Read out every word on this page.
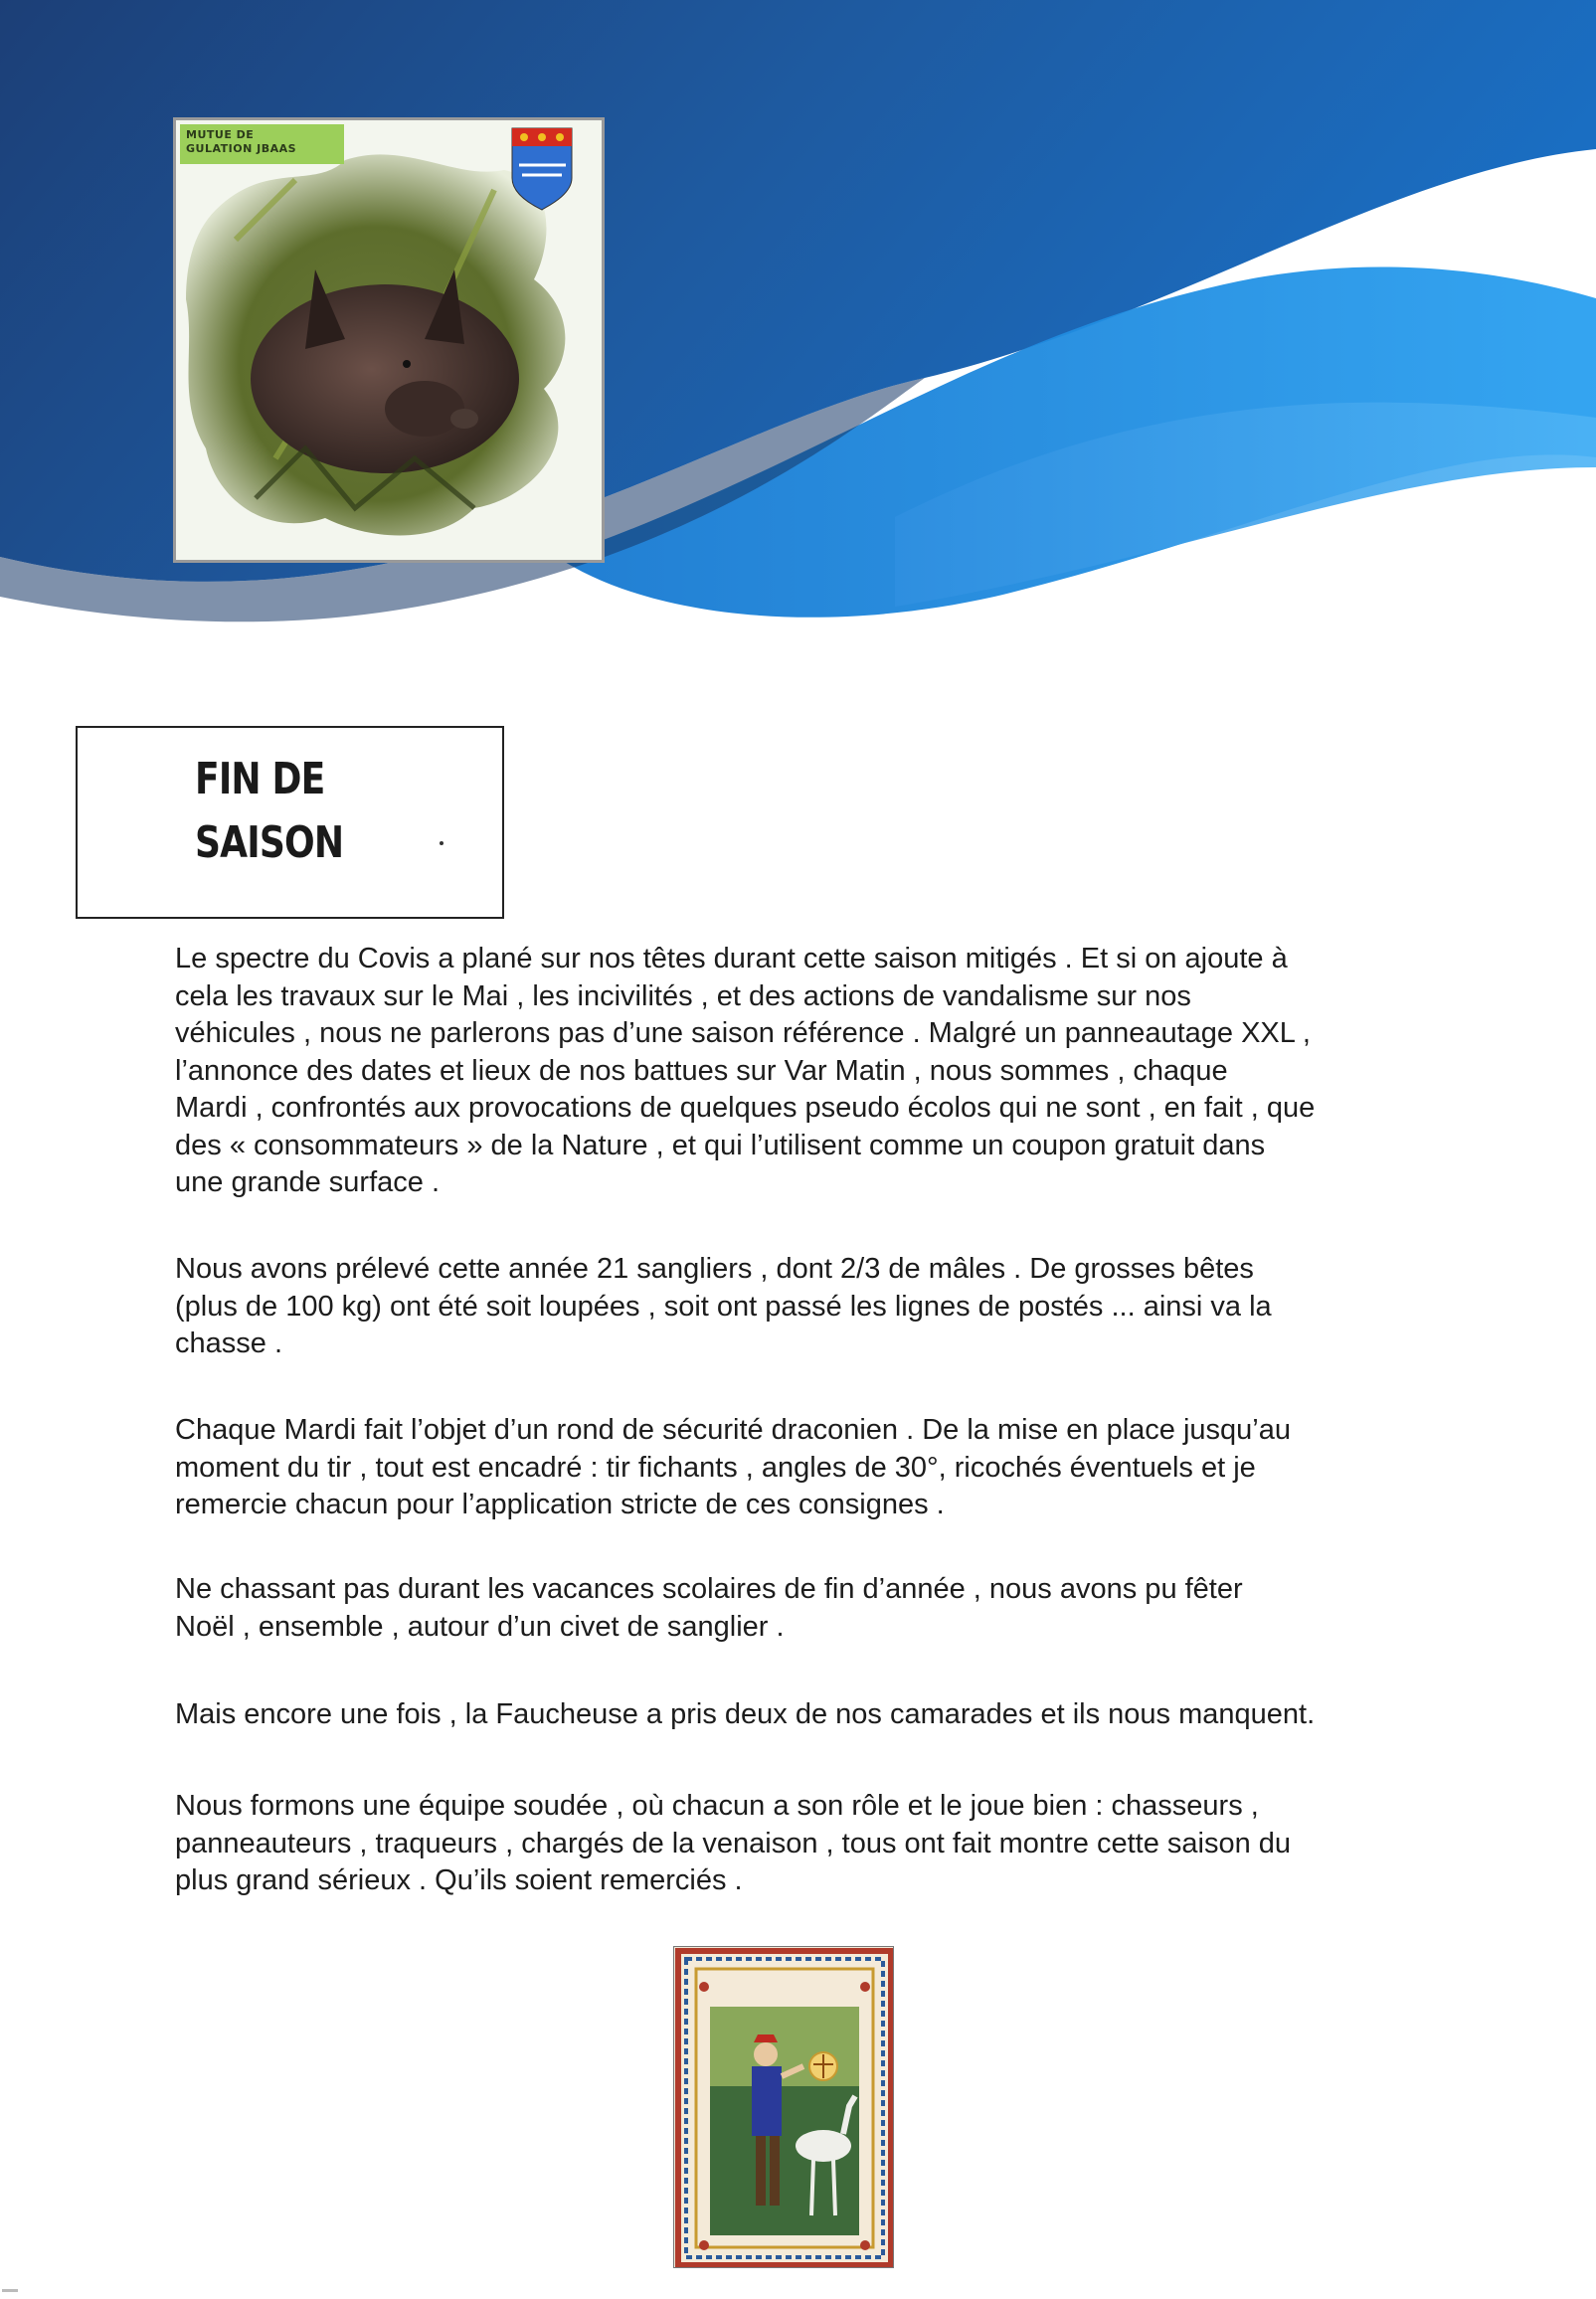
MUTUE DE
GULATION JBAAS
FIN DE
SAISON

Le spectre du Covis a plané sur nos têtes durant cette saison mitigés . Et si on ajoute à

cela les travaux sur le Mai , les incivilités , et des actions de vandalisme sur nos

véhicules , nous ne parlerons pas d’une saison référence . Malgré un panneautage XXL ,

l’annonce des dates et lieux de nos battues sur Var Matin , nous sommes , chaque

Mardi , confrontés aux provocations de quelques pseudo écolos qui ne sont , en fait , que

des « consommateurs » de la Nature , et qui l’utilisent comme un coupon gratuit dans

une grande surface .

Nous avons prélevé cette année 21 sangliers , dont 2/3 de mâles . De grosses bêtes

(plus de 100 kg) ont été soit loupées , soit ont passé les lignes de postés ... ainsi va la

chasse .

Chaque Mardi fait l’objet d’un rond de sécurité draconien . De la mise en place jusqu’au

moment du tir , tout est encadré : tir fichants , angles de 30°, ricochés éventuels et je

remercie chacun pour l’application stricte de ces consignes .

Ne chassant pas durant les vacances scolaires de fin d’année , nous avons pu fêter

Noël , ensemble , autour d’un civet de sanglier .

Mais encore une fois , la Faucheuse a pris deux de nos camarades et ils nous manquent.

Nous formons une équipe soudée , où chacun a son rôle et le joue bien : chasseurs ,

panneauteurs , traqueurs , chargés de la venaison , tous ont fait montre cette saison du

plus grand sérieux . Qu’ils soient remerciés .
